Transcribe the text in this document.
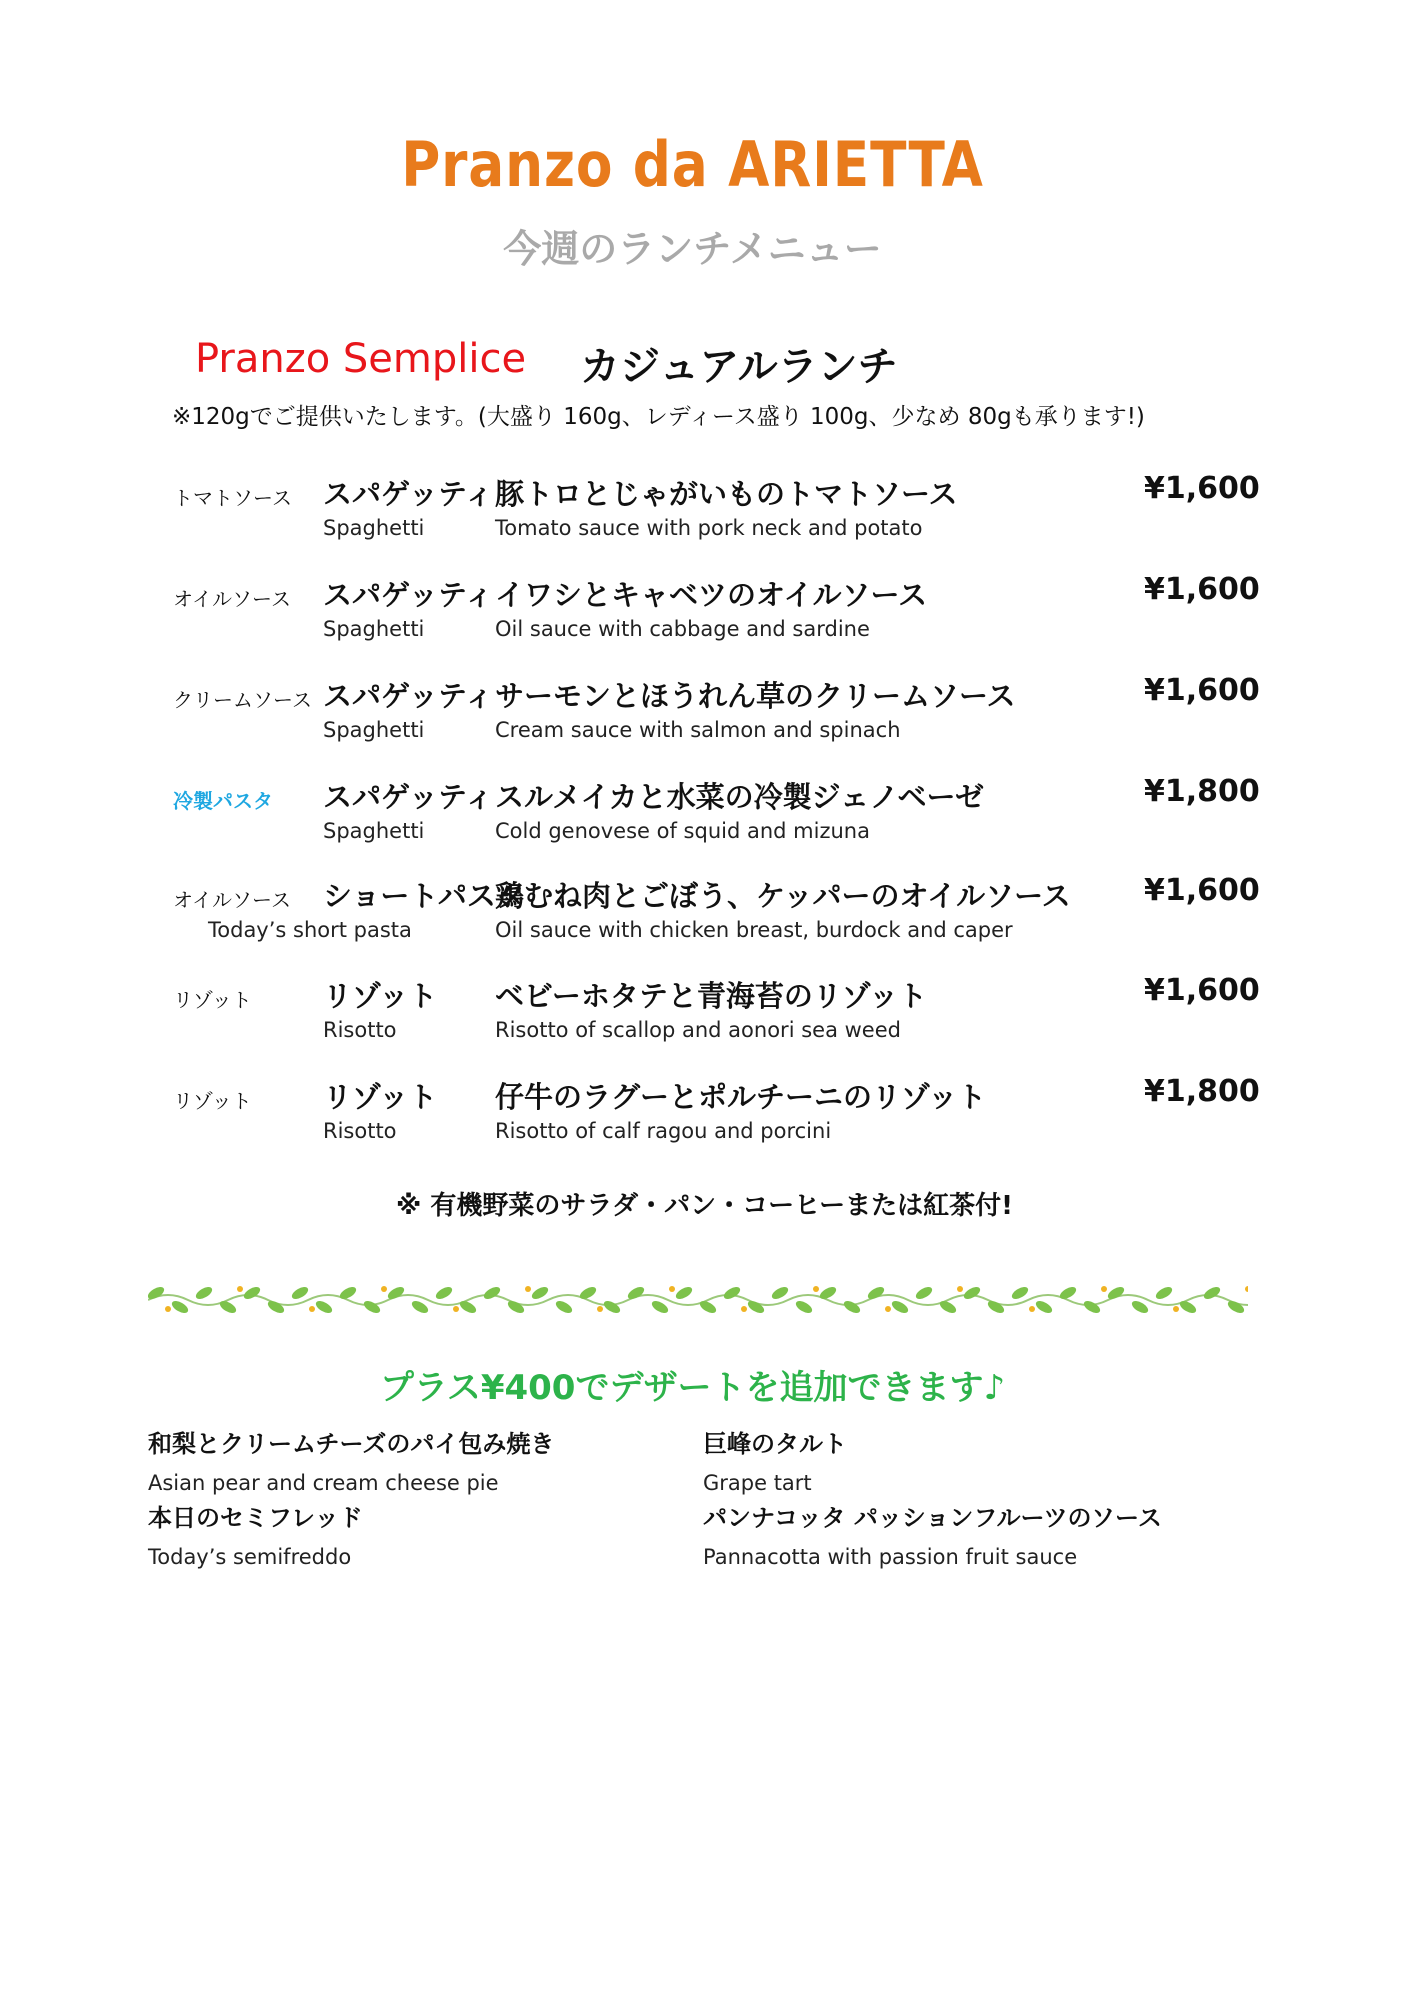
Pranzo da ARIETTA
今週のランチメニュー
Pranzo Semplice カジュアルランチ
※120gでご提供いたします。(大盛り 160g、レディース盛り 100g、少なめ 80gも承ります!)
トマトソース スパゲッティ
Spaghetti
豚トロとじゃがいものトマトソース
Tomato sauce with pork neck and potato
¥1,600
オイルソース スパゲッティ
Spaghetti
イワシとキャベツのオイルソース
Oil sauce with cabbage and sardine
¥1,600
クリームソース スパゲッティ
Spaghetti
サーモンとほうれん草のクリームソース
Cream sauce with salmon and spinach
¥1,600
冷製パスタ スパゲッティ
Spaghetti
スルメイカと水菜の冷製ジェノベーゼ
Cold genovese of squid and mizuna
¥1,800
オイルソース ショートパスタ
Today’s short pasta
鶏むね肉とごぼう、ケッパーのオイルソース
Oil sauce with chicken breast, burdock and caper
¥1,600
リゾット リゾット
Risotto
ベビーホタテと青海苔のリゾット
Risotto of scallop and aonori sea weed
¥1,600
リゾット リゾット
Risotto
仔牛のラグーとポルチーニのリゾット
Risotto of calf ragou and porcini
¥1,800
※ 有機野菜のサラダ・パン・コーヒーまたは紅茶付!
プラス¥400でデザートを追加できます♪
和梨とクリームチーズのパイ包み焼き
Asian pear and cream cheese pie
巨峰のタルト
Grape tart
本日のセミフレッド
Today’s semifreddo
パンナコッタ パッションフルーツのソース
Pannacotta with passion fruit sauce
